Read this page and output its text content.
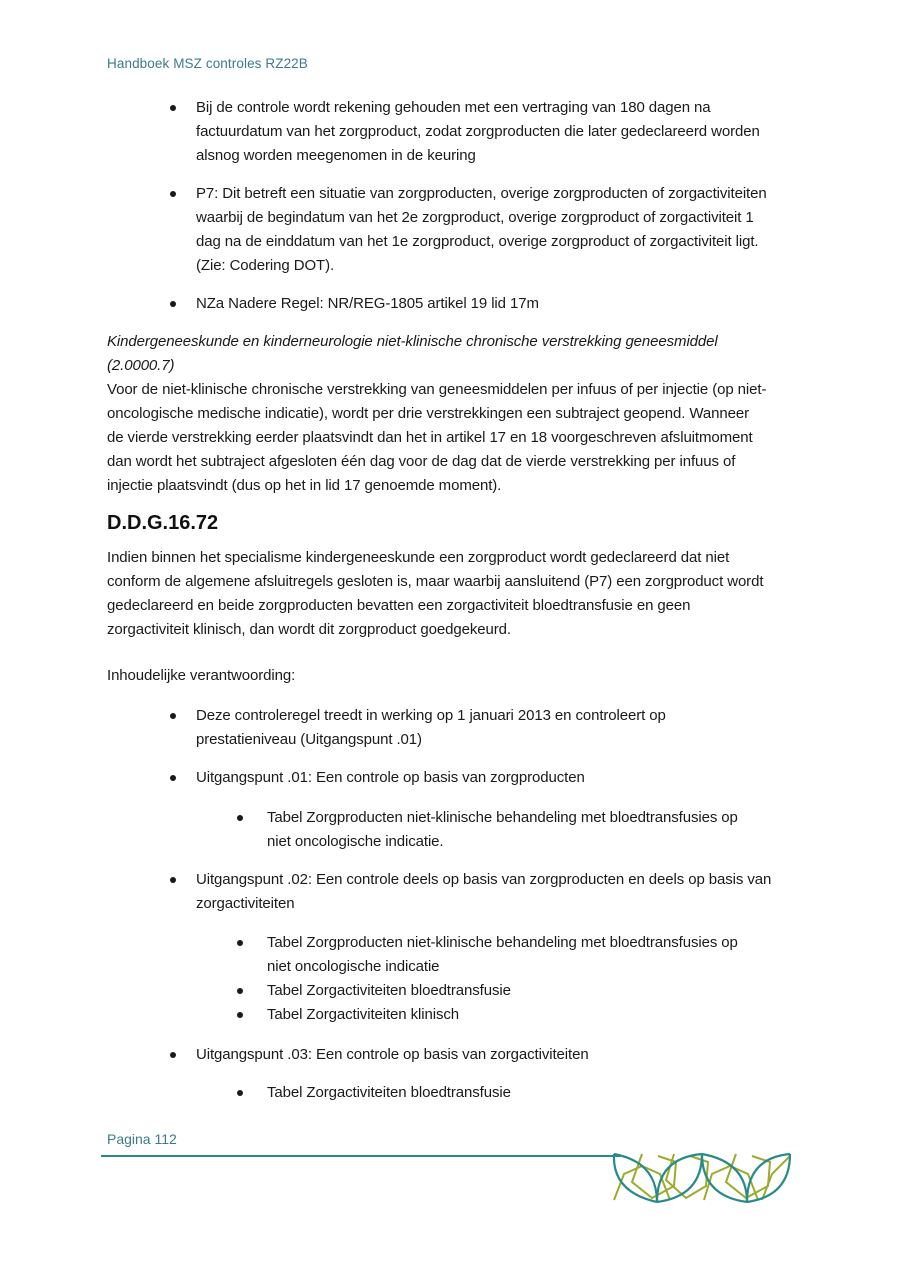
Handboek MSZ controles RZ22B
Bij de controle wordt rekening gehouden met een vertraging van 180 dagen na
factuurdatum van het zorgproduct, zodat zorgproducten die later gedeclareerd worden
alsnog worden meegenomen in de keuring
P7: Dit betreft een situatie van zorgproducten, overige zorgproducten of zorgactiviteiten
waarbij de begindatum van het 2e zorgproduct, overige zorgproduct of zorgactiviteit 1
dag na de einddatum van het 1e zorgproduct, overige zorgproduct of zorgactiviteit ligt.
(Zie: Codering DOT).
NZa Nadere Regel: NR/REG-1805 artikel 19 lid 17m
Kindergeneeskunde en kinderneurologie niet-klinische chronische verstrekking geneesmiddel
(2.0000.7)
Voor de niet-klinische chronische verstrekking van geneesmiddelen per infuus of per injectie (op niet-
oncologische medische indicatie), wordt per drie verstrekkingen een subtraject geopend. Wanneer
de vierde verstrekking eerder plaatsvindt dan het in artikel 17 en 18 voorgeschreven afsluitmoment
dan wordt het subtraject afgesloten één dag voor de dag dat de vierde verstrekking per infuus of
injectie plaatsvindt (dus op het in lid 17 genoemde moment).
D.D.G.16.72
Indien binnen het specialisme kindergeneeskunde een zorgproduct wordt gedeclareerd dat niet
conform de algemene afsluitregels gesloten is, maar waarbij aansluitend (P7) een zorgproduct wordt
gedeclareerd en beide zorgproducten bevatten een zorgactiviteit bloedtransfusie en geen
zorgactiviteit klinisch, dan wordt dit zorgproduct goedgekeurd.
Inhoudelijke verantwoording:
Deze controleregel treedt in werking op 1 januari 2013 en controleert op
prestatieniveau (Uitgangspunt .01)
Uitgangspunt .01: Een controle op basis van zorgproducten
Tabel Zorgproducten niet-klinische behandeling met bloedtransfusies op
niet oncologische indicatie.
Uitgangspunt .02: Een controle deels op basis van zorgproducten en deels op basis van
zorgactiviteiten
Tabel Zorgproducten niet-klinische behandeling met bloedtransfusies op
niet oncologische indicatie
Tabel Zorgactiviteiten bloedtransfusie
Tabel Zorgactiviteiten klinisch
Uitgangspunt .03: Een controle op basis van zorgactiviteiten
Tabel Zorgactiviteiten bloedtransfusie
Pagina 112
